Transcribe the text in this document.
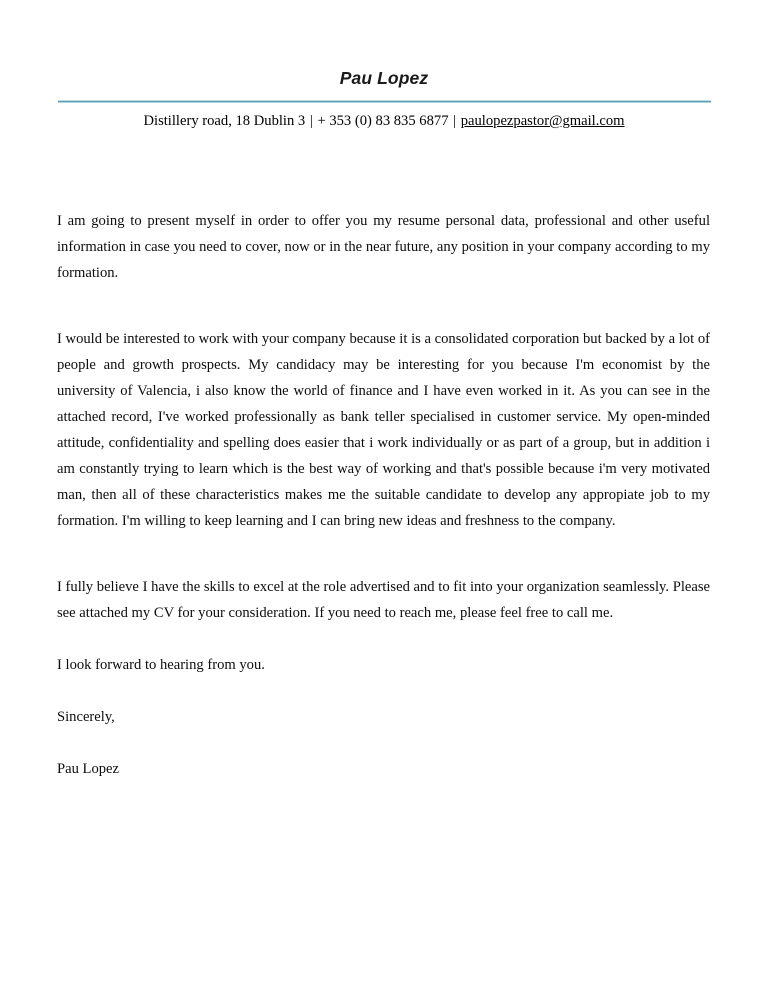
Pau Lopez
Distillery road, 18 Dublin 3 | + 353 (0) 83 835 6877 | paulopezpastor@gmail.com

I am going to present myself in order to offer you my resume personal data, professional and other useful information in case you need to cover, now or in the near future, any position in your company according to my formation.

I would be interested to work with your company because it is a consolidated corporation but backed by a lot of people and growth prospects. My candidacy may be interesting for you because I'm economist by the university of Valencia, i also know the world of finance and I have even worked in it. As you can see in the attached record, I've worked professionally as bank teller specialised in customer service. My open-minded attitude, confidentiality and spelling does easier that i work individually or as part of a group, but in addition i am constantly trying to learn which is the best way of working and that's possible because i'm very motivated man, then all of these characteristics makes me the suitable candidate to develop any appropiate job to my formation. I'm willing to keep learning and I can bring new ideas and freshness to the company.

I fully believe I have the skills to excel at the role advertised and to fit into your organization seamlessly. Please see attached my CV for your consideration. If you need to reach me, please feel free to call me.

I look forward to hearing from you.

Sincerely,

Pau Lopez
